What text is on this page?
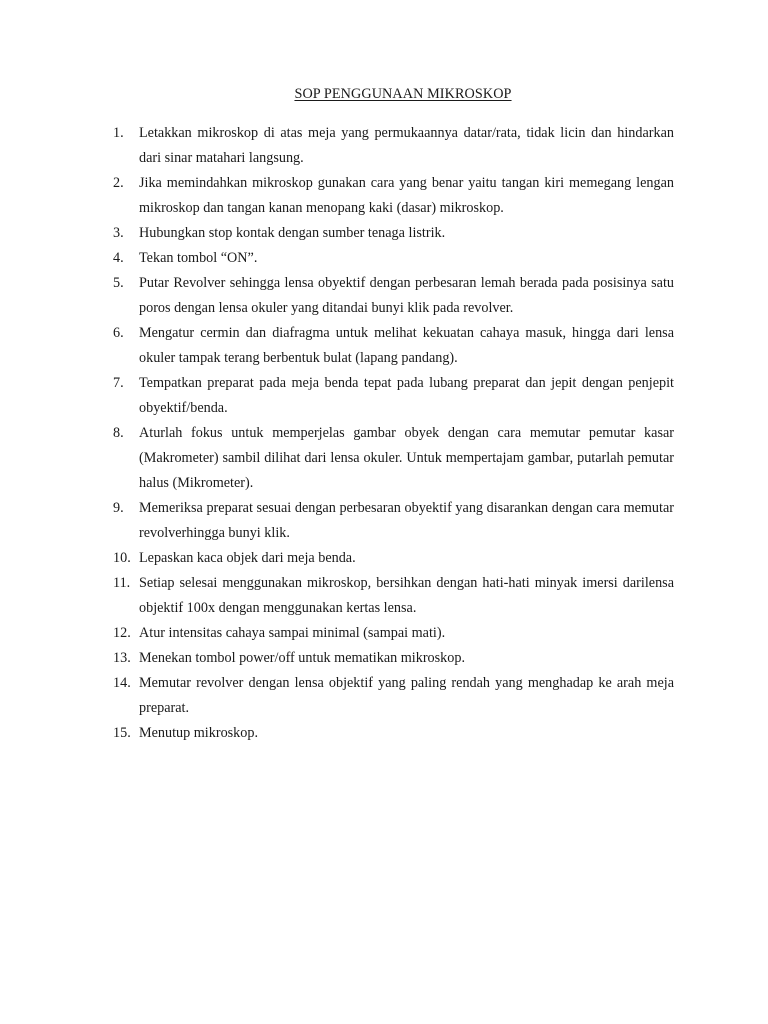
SOP PENGGUNAAN MIKROSKOP
1.	Letakkan mikroskop di atas meja yang permukaannya datar/rata, tidak licin dan hindarkan dari sinar matahari langsung.
2.	Jika memindahkan mikroskop gunakan cara yang benar yaitu tangan kiri memegang lengan mikroskop dan tangan kanan menopang kaki (dasar) mikroskop.
3.	Hubungkan stop kontak dengan sumber tenaga listrik.
4.	Tekan tombol “ON”.
5.	Putar Revolver sehingga lensa obyektif dengan perbesaran lemah berada pada posisinya satu poros dengan lensa okuler yang ditandai bunyi klik pada revolver.
6.	Mengatur cermin dan diafragma untuk melihat kekuatan cahaya masuk, hingga dari lensa okuler tampak terang berbentuk bulat (lapang pandang).
7.	Tempatkan preparat pada meja benda tepat pada lubang preparat dan jepit dengan penjepit obyektif/benda.
8.	Aturlah fokus untuk memperjelas gambar obyek dengan cara memutar pemutar kasar (Makrometer) sambil dilihat dari lensa okuler. Untuk mempertajam gambar, putarlah pemutar halus (Mikrometer).
9.	Memeriksa preparat sesuai dengan perbesaran obyektif yang disarankan dengan cara memutar revolverhingga bunyi klik.
10. Lepaskan kaca objek dari meja benda.
11. Setiap selesai menggunakan mikroskop, bersihkan dengan hati-hati minyak imersi darilensa objektif 100x dengan menggunakan kertas lensa.
12. Atur intensitas cahaya sampai minimal (sampai mati).
13. Menekan tombol power/off untuk mematikan mikroskop.
14. Memutar revolver dengan lensa objektif yang paling rendah yang menghadap ke arah meja preparat.
15. Menutup mikroskop.
